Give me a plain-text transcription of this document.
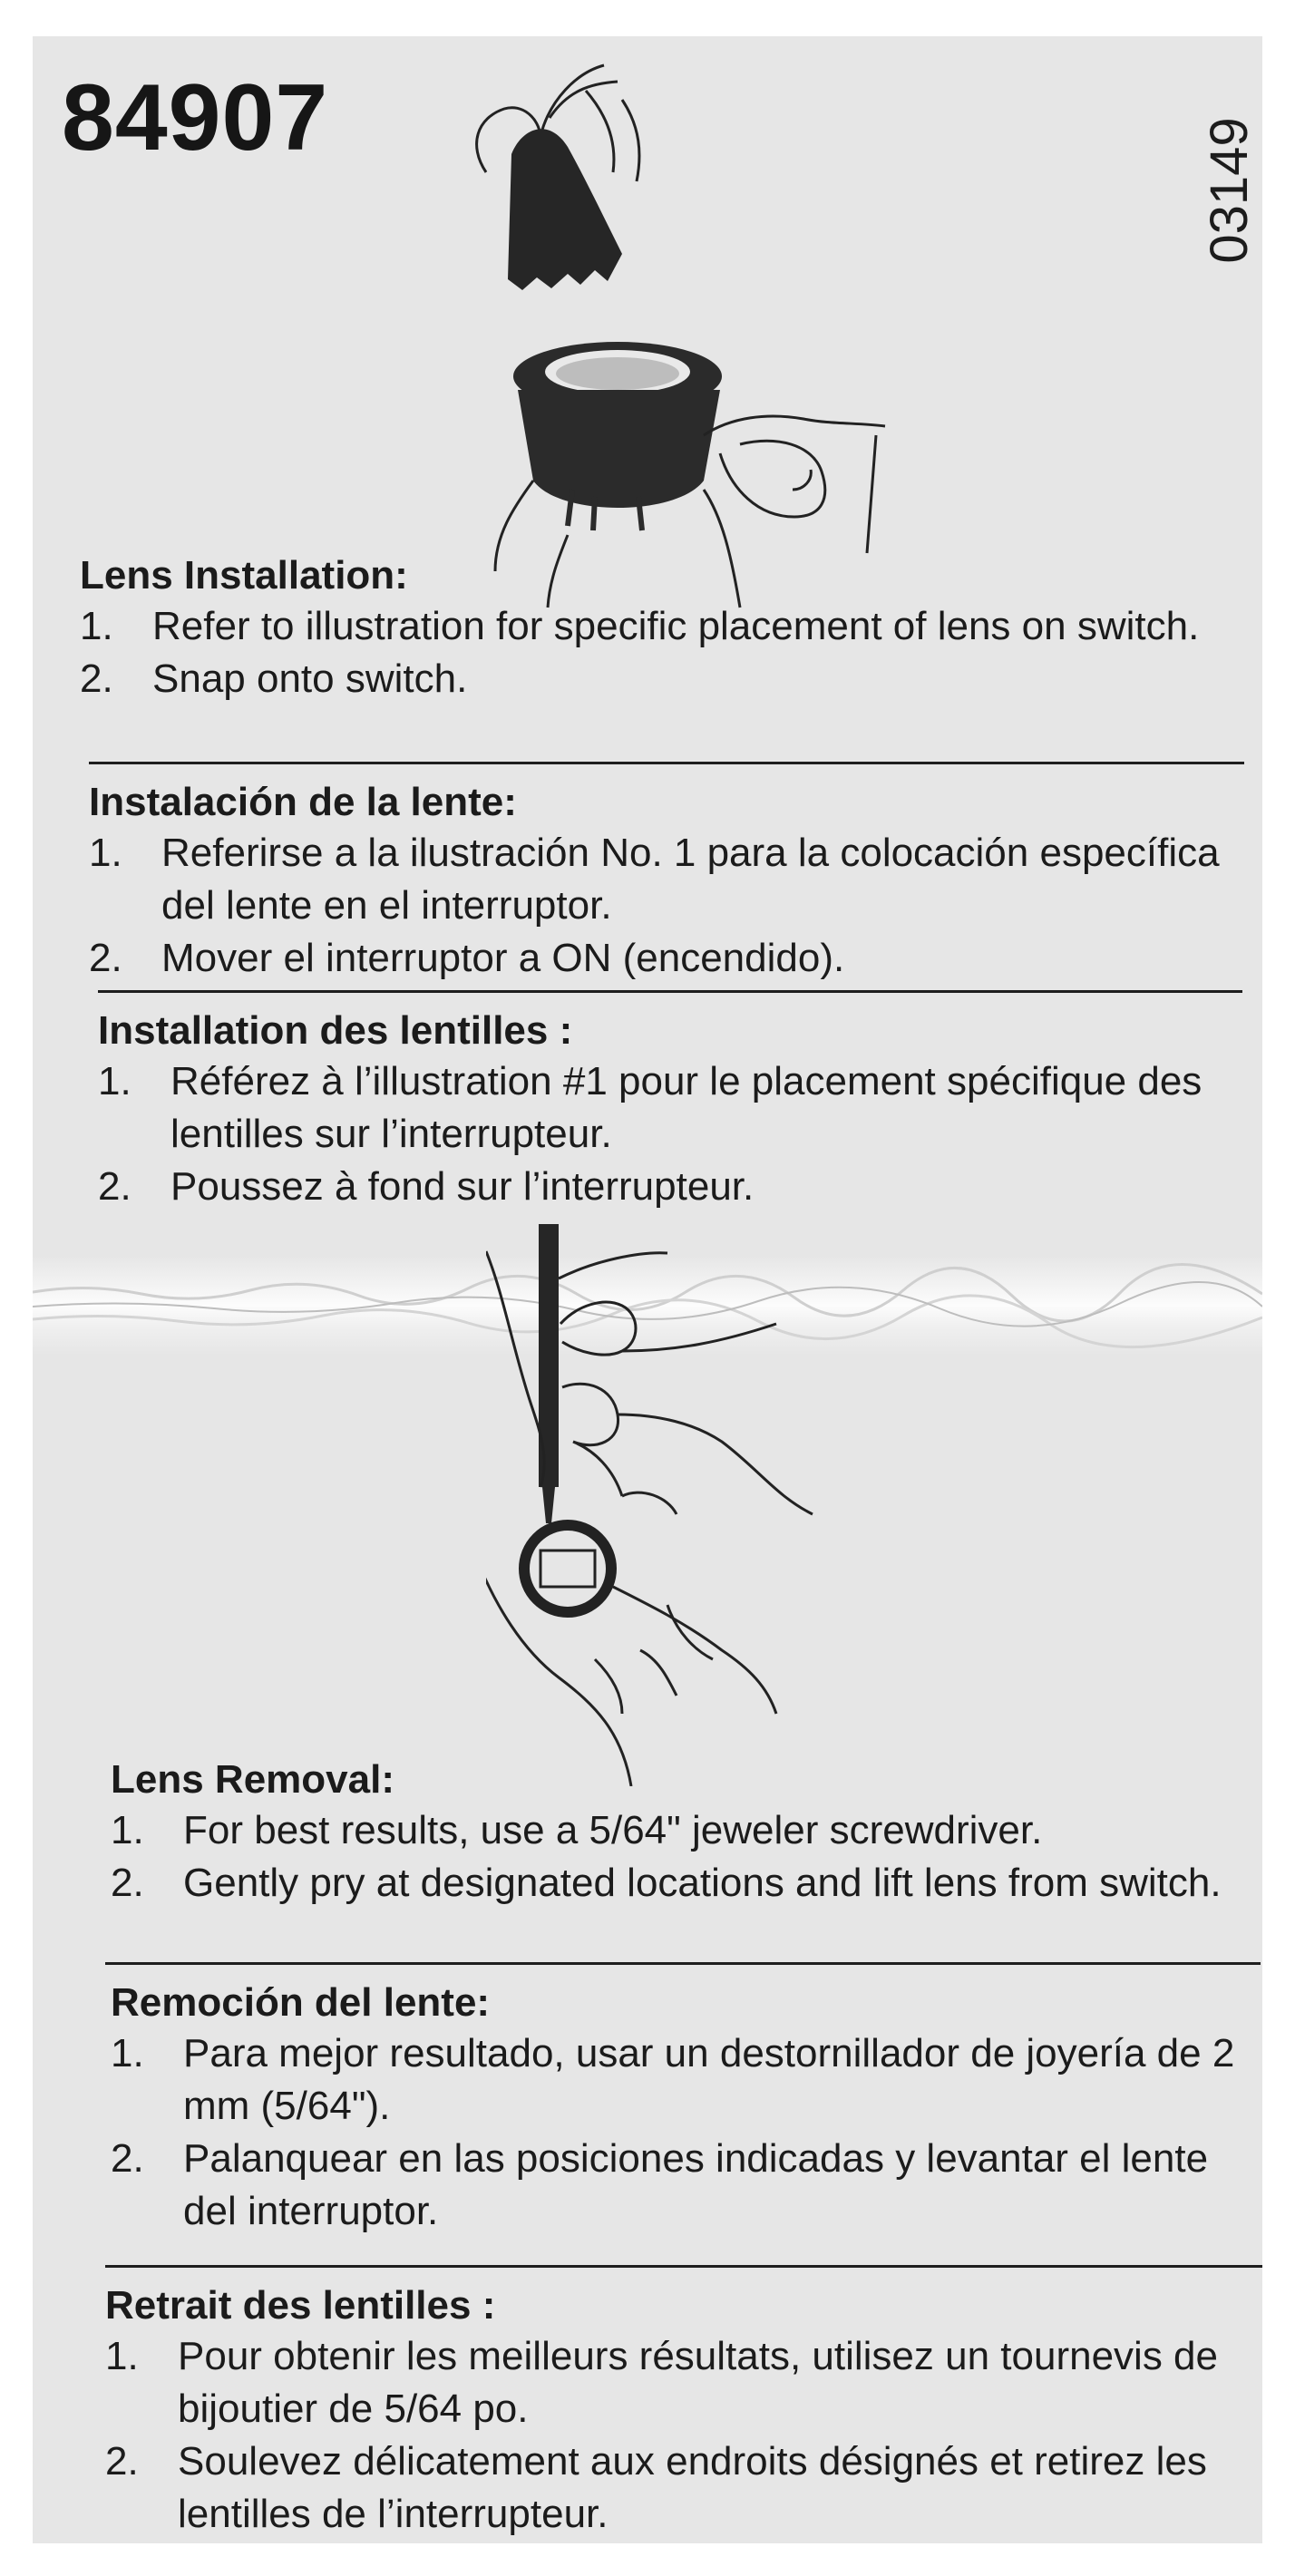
84907	03149
Lens Installation:
1. Refer to illustration for specific placement of lens on switch.
2. Snap onto switch.
Instalación de la lente:
1. Referirse a la ilustración No. 1 para la colocación específica del lente en el interruptor.
2. Mover el interruptor a ON (encendido).
Installation des lentilles :
1. Référez à l’illustration #1 pour le placement spécifique des lentilles sur l’interrupteur.
2. Poussez à fond sur l’interrupteur.
Lens Removal:
1. For best results, use a 5/64" jeweler screwdriver.
2. Gently pry at designated locations and lift lens from switch.
Remoción del lente:
1. Para mejor resultado, usar un destornillador de joyería de 2 mm (5/64").
2. Palanquear en las posiciones indicadas y levantar el lente del interruptor.
Retrait des lentilles :
1. Pour obtenir les meilleurs résultats, utilisez un tournevis de bijoutier de 5/64 po.
2. Soulevez délicatement aux endroits désignés et retirez les lentilles de l’interrupteur.
